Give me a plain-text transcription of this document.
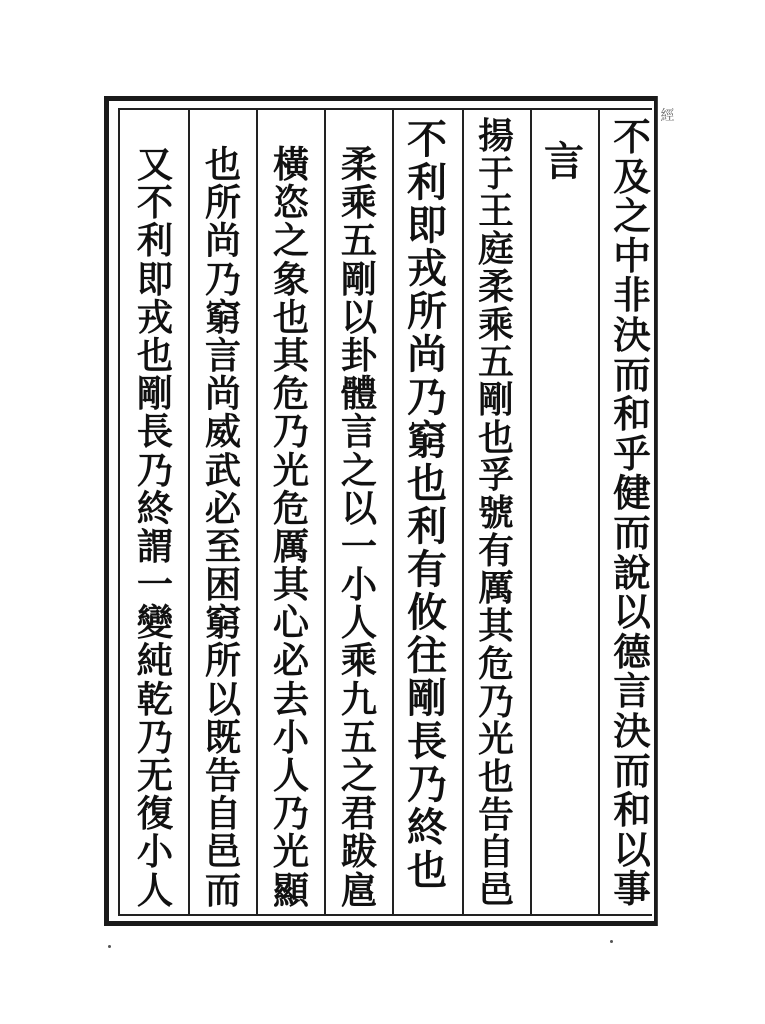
經
不
及
之
中
非
決
而
和
乎
健
而
說
以
德
言
決
而
和
以
事
言
揚
于
王
庭
柔
乘
五
剛
也
孚
號
有
厲
其
危
乃
光
也
告
自
邑
不
利
即
戎
所
尚
乃
窮
也
利
有
攸
往
剛
長
乃
終
也
柔
乘
五
剛
以
卦
體
言
之
以
一
小
人
乘
九
五
之
君
跋
扈
橫
恣
之
象
也
其
危
乃
光
危
厲
其
心
必
去
小
人
乃
光
顯
也
所
尚
乃
窮
言
尚
威
武
必
至
困
窮
所
以
既
告
自
邑
而
又
不
利
即
戎
也
剛
長
乃
終
謂
一
變
純
乾
乃
无
復
小
人
